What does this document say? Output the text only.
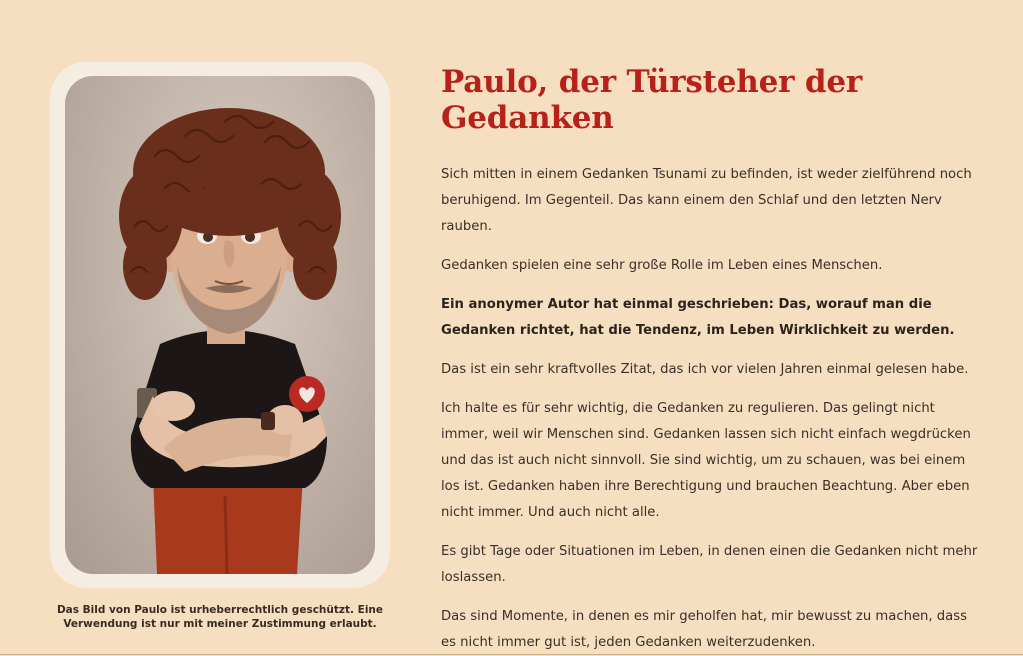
Das Bild von Paulo ist urheberrechtlich geschützt. Eine Verwendung ist nur mit meiner Zustimmung erlaubt.
Paulo, der Türsteher der Gedanken

Sich mitten in einem Gedanken Tsunami zu befinden, ist weder zielführend noch beruhigend. Im Gegenteil. Das kann einem den Schlaf und den letzten Nerv rauben.

Gedanken spielen eine sehr große Rolle im Leben eines Menschen.

Ein anonymer Autor hat einmal geschrieben: Das, worauf man die Gedanken richtet, hat die Tendenz, im Leben Wirklichkeit zu werden.

Das ist ein sehr kraftvolles Zitat, das ich vor vielen Jahren einmal gelesen habe.

Ich halte es für sehr wichtig, die Gedanken zu regulieren. Das gelingt nicht immer, weil wir Menschen sind. Gedanken lassen sich nicht einfach wegdrücken und das ist auch nicht sinnvoll. Sie sind wichtig, um zu schauen, was bei einem los ist. Gedanken haben ihre Berechtigung und brauchen Beachtung. Aber eben nicht immer. Und auch nicht alle.

Es gibt Tage oder Situationen im Leben, in denen einen die Gedanken nicht mehr loslassen.

Das sind Momente, in denen es mir geholfen hat, mir bewusst zu machen, dass es nicht immer gut ist, jeden Gedanken weiterzudenken.
